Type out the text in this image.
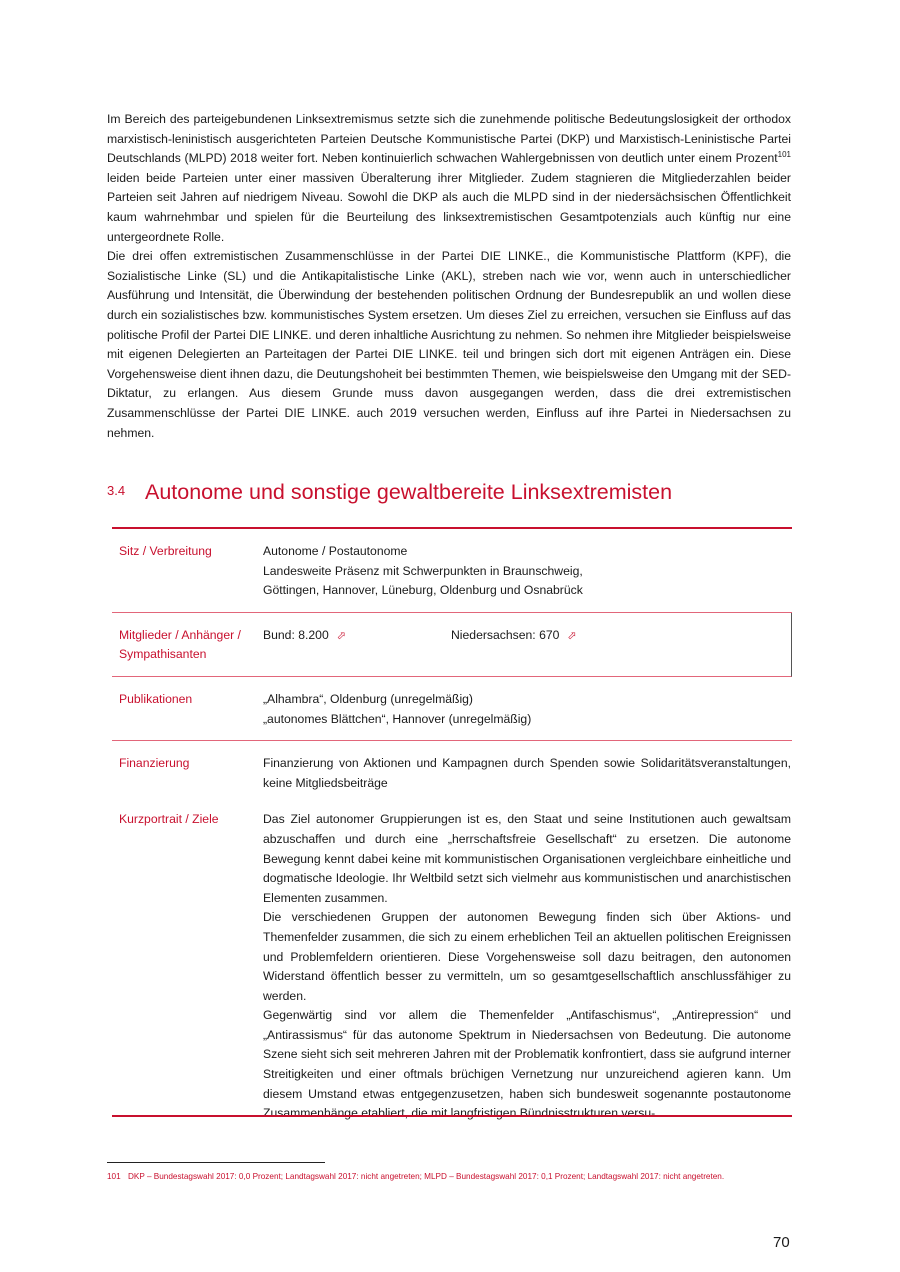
Im Bereich des parteigebundenen Linksextremismus setzte sich die zunehmende politische Bedeutungslosigkeit der orthodox marxistisch-leninistisch ausgerichteten Parteien Deutsche Kommunistische Partei (DKP) und Marxistisch-Leninistische Partei Deutschlands (MLPD) 2018 weiter fort. Neben kontinuierlich schwachen Wahlergebnissen von deutlich unter einem Prozent$^{101}$ leiden beide Parteien unter einer massiven Überalterung ihrer Mitglieder. Zudem stagnieren die Mitgliederzahlen beider Parteien seit Jahren auf niedrigem Niveau. Sowohl die DKP als auch die MLPD sind in der niedersächsischen Öffentlichkeit kaum wahrnehmbar und spielen für die Beurteilung des linksextremistischen Gesamtpotenzials auch künftig nur eine untergeordnete Rolle.

Die drei offen extremistischen Zusammenschlüsse in der Partei DIE LINKE., die Kommunistische Plattform (KPF), die Sozialistische Linke (SL) und die Antikapitalistische Linke (AKL), streben nach wie vor, wenn auch in unterschiedlicher Ausführung und Intensität, die Überwindung der bestehenden politischen Ordnung der Bundesrepublik an und wollen diese durch ein sozialistisches bzw. kommunistisches System ersetzen. Um dieses Ziel zu erreichen, versuchen sie Einfluss auf das politische Profil der Partei DIE LINKE. und deren inhaltliche Ausrichtung zu nehmen. So nehmen ihre Mitglieder beispielsweise mit eigenen Delegierten an Parteitagen der Partei DIE LINKE. teil und bringen sich dort mit eigenen Anträgen ein. Diese Vorgehensweise dient ihnen dazu, die Deutungshoheit bei bestimmten Themen, wie beispielsweise den Umgang mit der SED-Diktatur, zu erlangen. Aus diesem Grunde muss davon ausgegangen werden, dass die drei extremistischen Zusammenschlüsse der Partei DIE LINKE. auch 2019 versuchen werden, Einfluss auf ihre Partei in Niedersachsen zu nehmen.

3.4 Autonome und sonstige gewaltbereite Linksextremisten
Sitz / Verbreitung	Autonome / Postautonome
Landesweite Präsenz mit Schwerpunkten in Braunschweig,
Göttingen, Hannover, Lüneburg, Oldenburg und Osnabrück
Mitglieder / Anhänger / Sympathisanten
Bund: 8.200 ⬀	Niedersachsen: 670 ⬀
Publikationen	„Alhambra“, Oldenburg (unregelmäßig)
„autonomes Blättchen“, Hannover (unregelmäßig)
Finanzierung	Finanzierung von Aktionen und Kampagnen durch Spenden sowie Solidaritätsveranstaltungen, keine Mitgliedsbeiträge
Kurzportrait / Ziele	Das Ziel autonomer Gruppierungen ist es, den Staat und seine Institutionen auch gewaltsam abzuschaffen und durch eine „herrschaftsfreie Gesellschaft“ zu ersetzen. Die autonome Bewegung kennt dabei keine mit kommunistischen Organisationen vergleichbare einheitliche und dogmatische Ideologie. Ihr Weltbild setzt sich vielmehr aus kommunistischen und anarchistischen Elementen zusammen.
Die verschiedenen Gruppen der autonomen Bewegung finden sich über Aktions- und Themenfelder zusammen, die sich zu einem erheblichen Teil an aktuellen politischen Ereignissen und Problemfeldern orientieren. Diese Vorgehensweise soll dazu beitragen, den autonomen Widerstand öffentlich besser zu vermitteln, um so gesamtgesellschaftlich anschlussfähiger zu werden.
Gegenwärtig sind vor allem die Themenfelder „Antifaschismus“, „Antirepression“ und „Antirassismus“ für das autonome Spektrum in Niedersachsen von Bedeutung. Die autonome Szene sieht sich seit mehreren Jahren mit der Problematik konfrontiert, dass sie aufgrund interner Streitigkeiten und einer oftmals brüchigen Vernetzung nur unzureichend agieren kann. Um diesem Umstand etwas entgegenzusetzen, haben sich bundesweit sogenannte postautonome Zusammenhänge etabliert, die mit langfristigen Bündnisstrukturen versu-
101 DKP – Bundestagswahl 2017: 0,0 Prozent; Landtagswahl 2017: nicht angetreten; MLPD – Bundestagswahl 2017: 0,1 Prozent; Landtagswahl 2017: nicht angetreten.
70
